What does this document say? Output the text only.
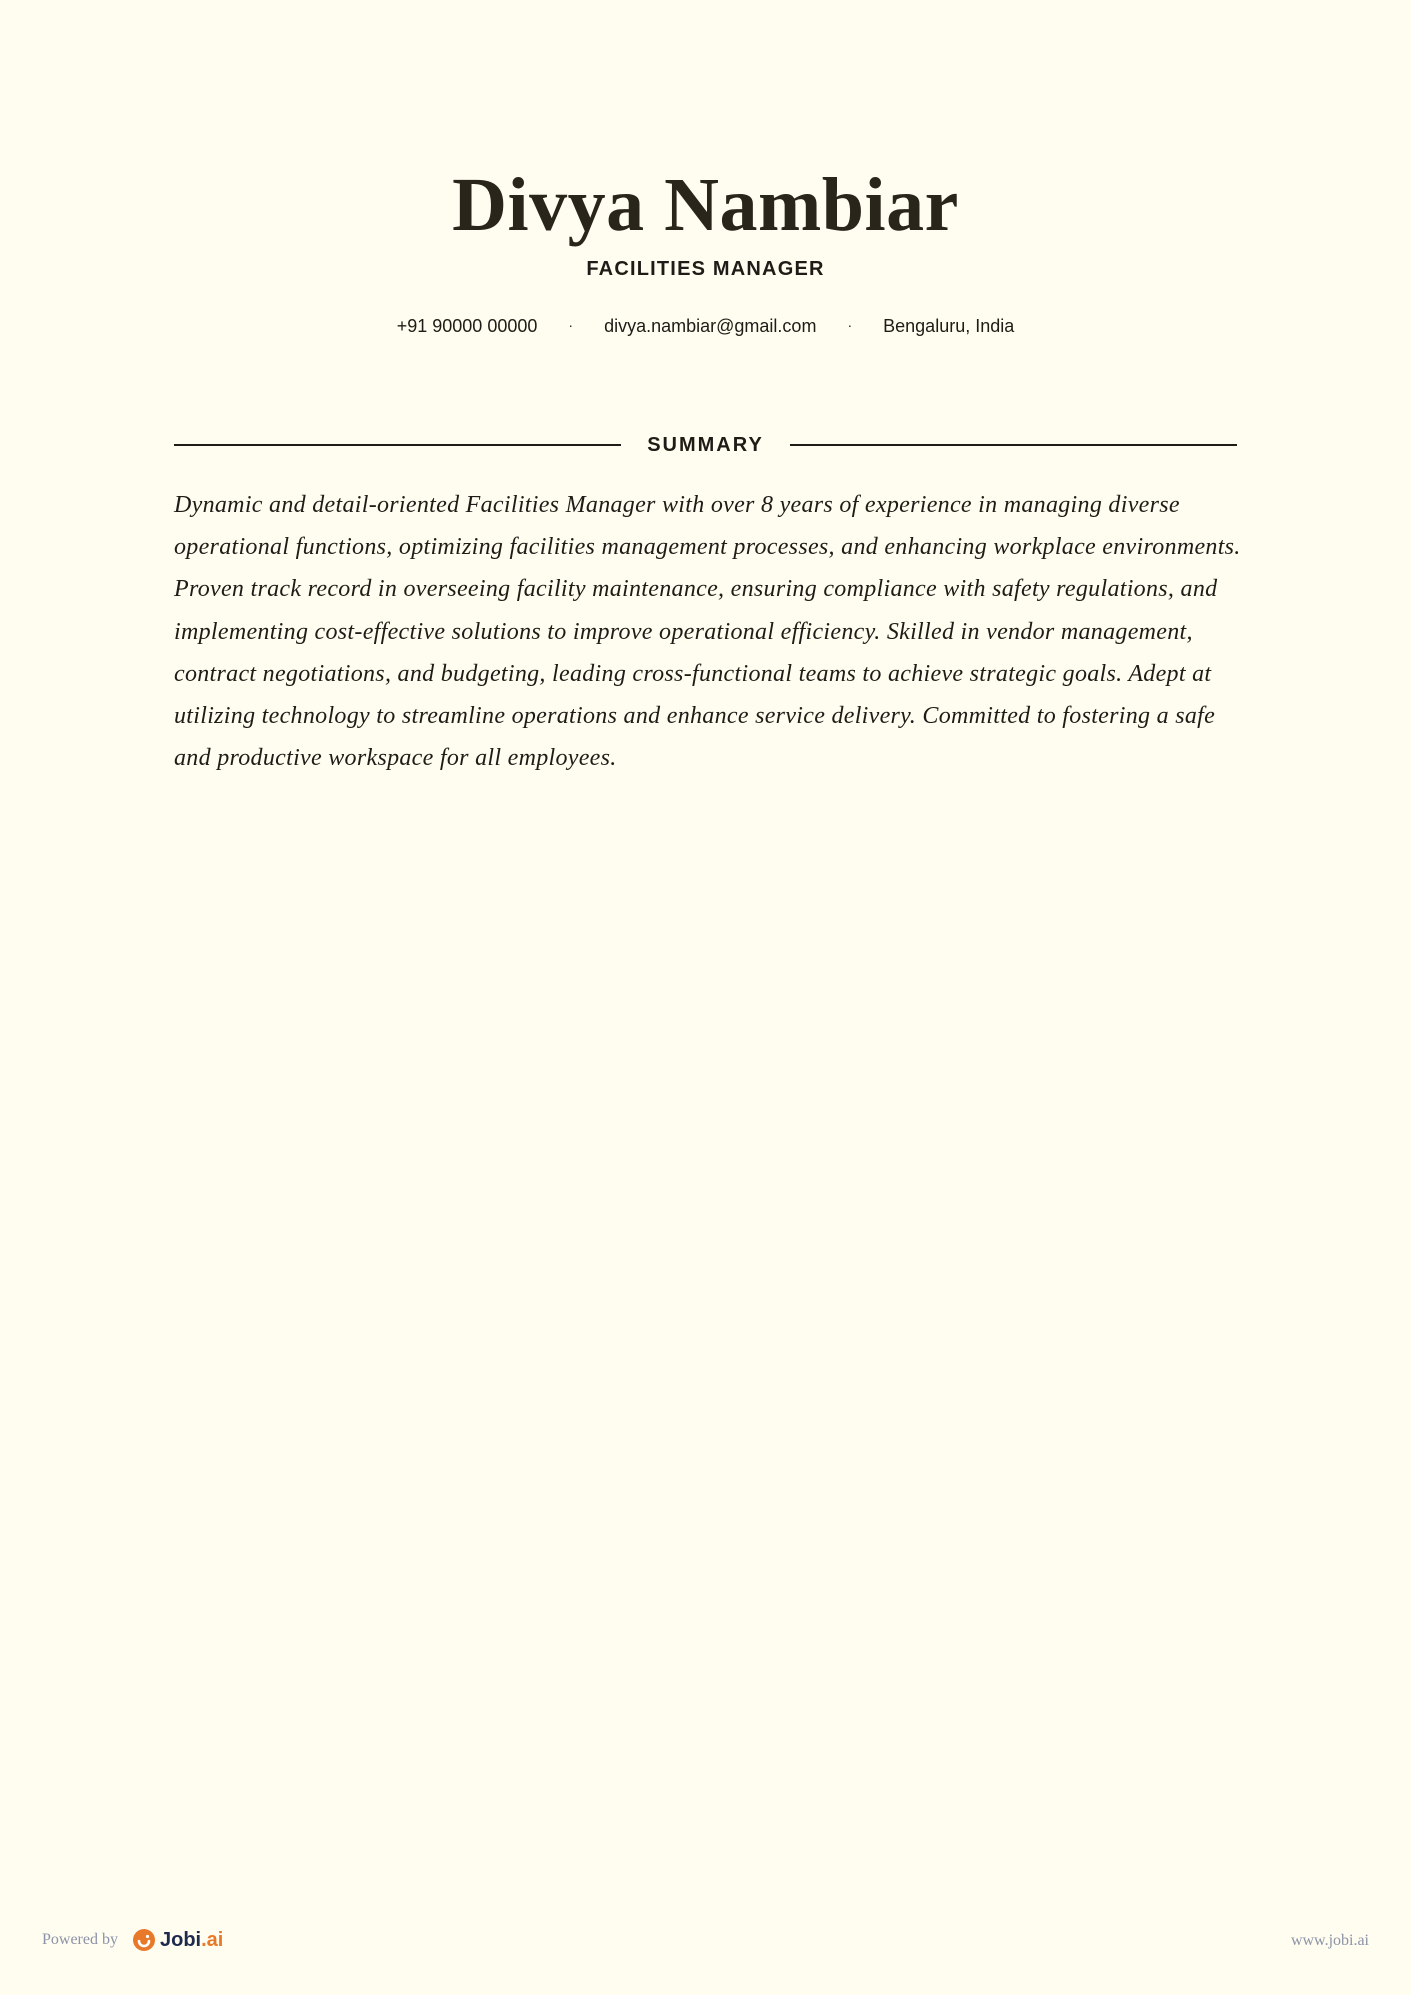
Divya Nambiar
FACILITIES MANAGER
+91 90000 00000 · divya.nambiar@gmail.com · Bengaluru, India
SUMMARY

Dynamic and detail-oriented Facilities Manager with over 8 years of experience in managing diverse operational functions, optimizing facilities management processes, and enhancing workplace environments. Proven track record in overseeing facility maintenance, ensuring compliance with safety regulations, and implementing cost-effective solutions to improve operational efficiency. Skilled in vendor management, contract negotiations, and budgeting, leading cross-functional teams to achieve strategic goals. Adept at utilizing technology to streamline operations and enhance service delivery. Committed to fostering a safe and productive workspace for all employees.

Powered by Jobi .ai	www.jobi.ai
